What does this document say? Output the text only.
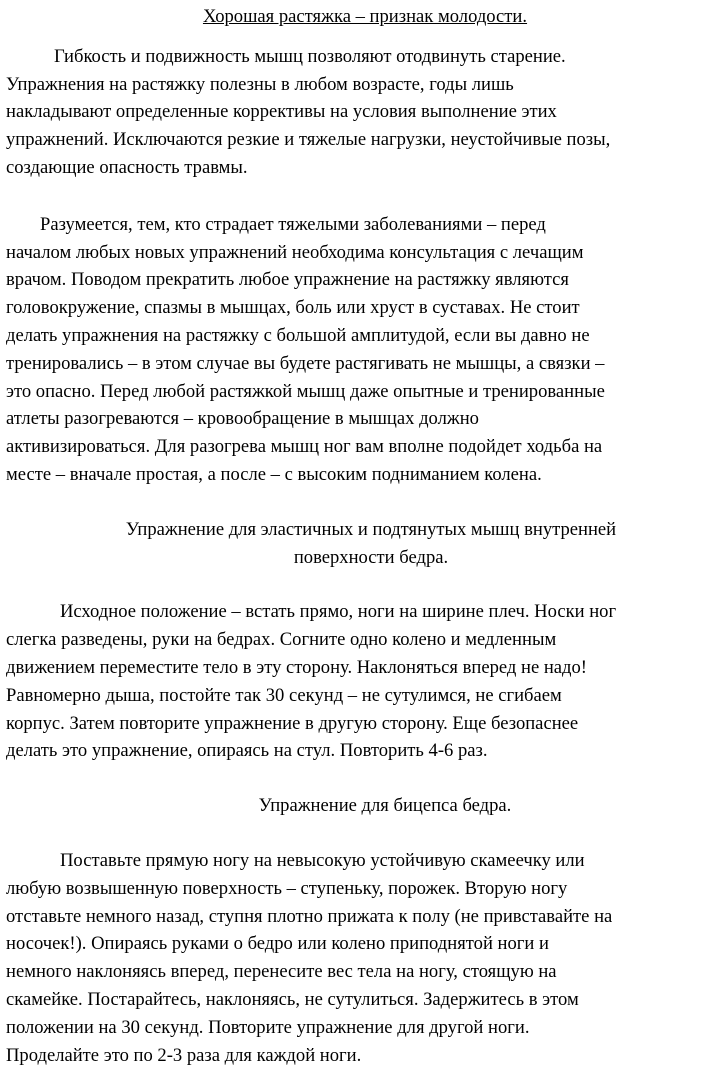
Хорошая растяжка – признак молодости.
Гибкость и подвижность мышц позволяют отодвинуть старение.
Упражнения на растяжку полезны в любом возрасте, годы лишь
накладывают определенные коррективы на условия выполнение этих
упражнений. Исключаются резкие и тяжелые нагрузки, неустойчивые позы,
создающие опасность травмы.
Разумеется, тем, кто страдает тяжелыми заболеваниями – перед
началом любых новых упражнений необходима консультация с лечащим
врачом. Поводом прекратить любое упражнение на растяжку являются
головокружение, спазмы в мышцах, боль или хруст в суставах. Не стоит
делать упражнения на растяжку с большой амплитудой, если вы давно не
тренировались – в этом случае вы будете растягивать не мышцы, а связки –
это опасно. Перед любой растяжкой мышц даже опытные и тренированные
атлеты разогреваются – кровообращение в мышцах должно
активизироваться. Для разогрева мышц ног вам вполне подойдет ходьба на
месте – вначале простая, а после – с высоким подниманием колена.
Упражнение для эластичных и подтянутых мышц внутренней
поверхности бедра.
Исходное положение – встать прямо, ноги на ширине плеч. Носки ног
слегка разведены, руки на бедрах. Согните одно колено и медленным
движением переместите тело в эту сторону. Наклоняться вперед не надо!
Равномерно дыша, постойте так 30 секунд – не сутулимся, не сгибаем
корпус. Затем повторите упражнение в другую сторону. Еще безопаснее
делать это упражнение, опираясь на стул. Повторить 4-6 раз.
Упражнение для бицепса бедра.
Поставьте прямую ногу на невысокую устойчивую скамеечку или
любую возвышенную поверхность – ступеньку, порожек. Вторую ногу
отставьте немного назад, ступня плотно прижата к полу (не привставайте на
носочек!). Опираясь руками о бедро или колено приподнятой ноги и
немного наклоняясь вперед, перенесите вес тела на ногу, стоящую на
скамейке. Постарайтесь, наклоняясь, не сутулиться. Задержитесь в этом
положении на 30 секунд. Повторите упражнение для другой ноги.
Проделайте это по 2-3 раза для каждой ноги.
